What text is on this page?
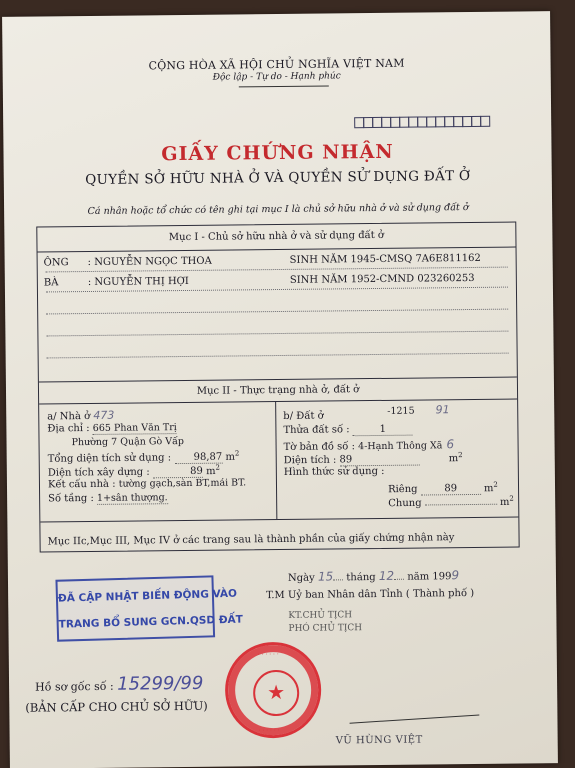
CỘNG HÒA XÃ HỘI CHỦ NGHĨA VIỆT NAM
Độc lập - Tự do - Hạnh phúc
GIẤY CHỨNG NHẬN
QUYỀN SỞ HỮU NHÀ Ở VÀ QUYỀN SỬ DỤNG ĐẤT Ở
Cá nhân hoặc tổ chức có tên ghi tại mục I là chủ sở hữu nhà ở và sử dụng đất ở
Mục I - Chủ sở hữu nhà ở và sử dụng đất ở
ÔNG : NGUYỄN NGỌC THOA	SINH NĂM 1945-CMSQ 7A6E811162
BÀ	: NGUYỄN THỊ HỢI	SINH NĂM 1952-CMND 023260253
Mục II - Thực trạng nhà ở, đất ở
a/ Nhà ở 473
Địa chỉ : 665 Phan Văn Trị
Phường 7 Quận Gò Vấp
Tổng diện tích sử dụng : 98,87 $m^2$
Diện tích xây dựng :	89 $m^2$
Kết cấu nhà : tường gạch,sàn BT,mái BT.
Số tầng : 1+sân thượng.
b/ Đất ở	-1215 91
Thửa đất số :	1
Tờ bản đồ số : 4-Hạnh Thông Xã 6
Diện tích : 89	$m^2$
Hình thức sử dụng :
Riêng	89	$m^2$
Chung	$m^2$
Mục IIc,Mục III, Mục IV ở các trang sau là thành phần của giấy chứng nhận này
Ngày 15 tháng 12 năm 1999
T.M Uỷ ban Nhân dân Tỉnh ( Thành phố )
KT.CHỦ TỊCH
PHÓ CHỦ TỊCH
ĐÃ CẬP NHẬT BIẾN ĐỘNG VÀO
TRANG BỔ SUNG GCN.QSD ĐẤT
Hồ sơ gốc số : 15299/99
(BẢN CẤP CHO CHỦ SỞ HỮU)
★
· · · · · ·
· · · · · ·
VŨ HÙNG VIỆT
